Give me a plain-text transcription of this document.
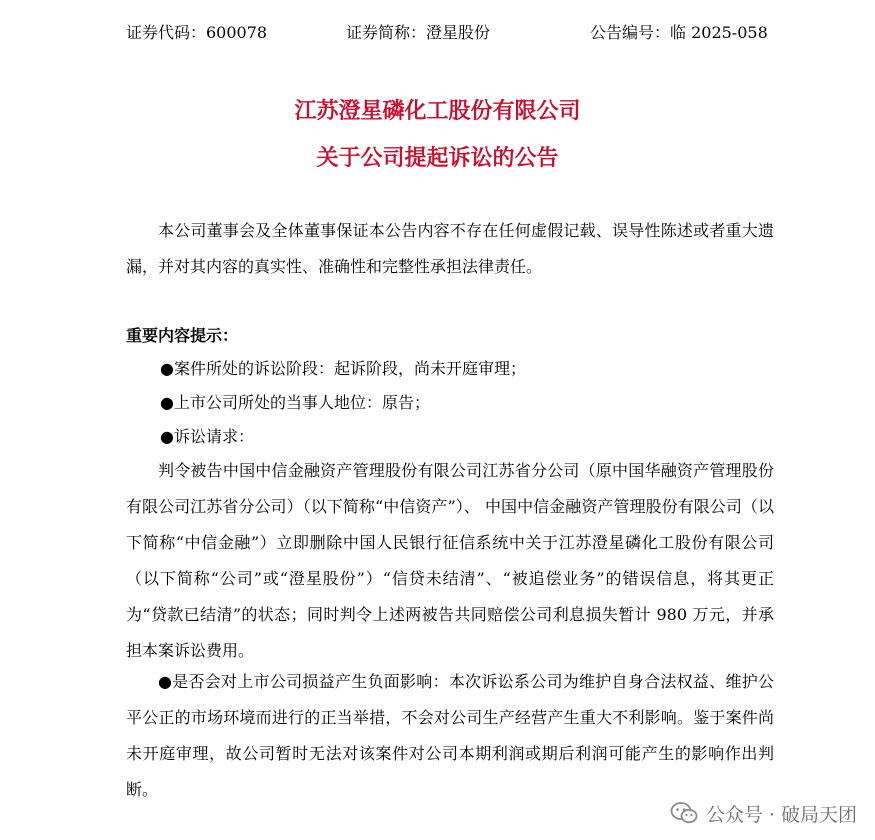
证券代码：600078	证券简称：澄星股份	公告编号：临 2025-058
江苏澄星磷化工股份有限公司
关于公司提起诉讼的公告
本公司董事会及全体董事保证本公告内容不存在任何虚假记载、误导性陈述或者重大遗漏，并对其内容的真实性、准确性和完整性承担法律责任。
重要内容提示：
●案件所处的诉讼阶段：起诉阶段，尚未开庭审理；
●上市公司所处的当事人地位：原告；
●诉讼请求：
判令被告中国中信金融资产管理股份有限公司江苏省分公司（原中国华融资产管理股份有限公司江苏省分公司）（以下简称“中信资产”）、 中国中信金融资产管理股份有限公司（以下简称“中信金融”）立即删除中国人民银行征信系统中关于江苏澄星磷化工股份有限公司（以下简称“公司”或“澄星股份”）“信贷未结清”、“被追偿业务”的错误信息，将其更正为“贷款已结清”的状态；同时判令上述两被告共同赔偿公司利息损失暂计 980 万元，并承担本案诉讼费用。
●是否会对上市公司损益产生负面影响：本次诉讼系公司为维护自身合法权益、维护公平公正的市场环境而进行的正当举措，不会对公司生产经营产生重大不利影响。鉴于案件尚未开庭审理，故公司暂时无法对该案件对公司本期利润或期后利润可能产生的影响作出判断。
公众号 · 破局天团
